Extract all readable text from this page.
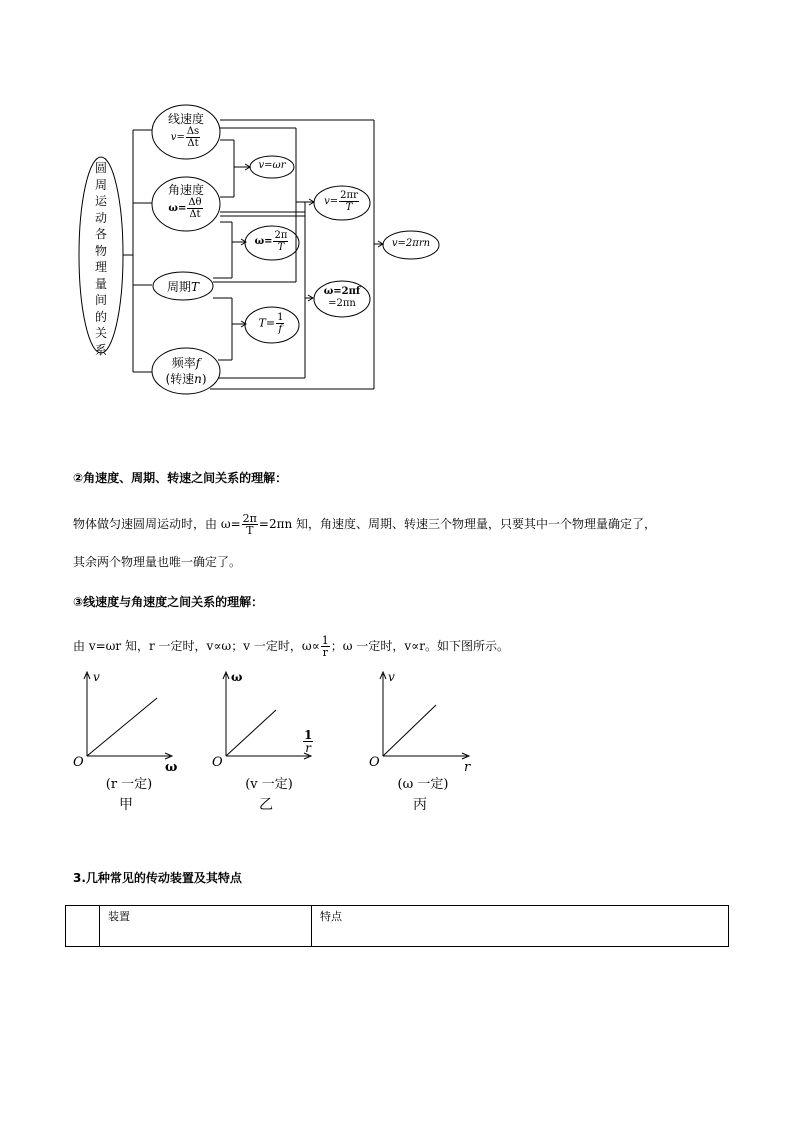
圆周运动各物理量间的关系
线速度
$v= \frac{\Delta s}{\Delta t}$
角速度
$\omega= \frac{\Delta\theta}{\Delta t}$
周期T
频率f
(转速n)
v=ωr
$\omega= \frac{2\pi}{T}$
$T= \frac{1}{f}$
$v= \frac{2\pi r}{T}$
ω=2πf
=2πn
v=2πrn
②角速度、周期、转速之间关系的理解：
物体做匀速圆周运动时，由 $\omega= \frac{2\pi}{T} =2\pi n$ 知，角速度、周期、转速三个物理量，只要其中一个物理量确定了，
其余两个物理量也唯一确定了。
③线速度与角速度之间关系的理解：
由 v=ωr 知，r 一定时，v∝ω；v 一定时，$\omega\propto \frac{1}{r}$ ；ω 一定时，v∝r。如下图所示。
v
O	ω
(r 一定)
甲
ω
O
$\frac{1}{r}$
(v 一定)
乙
v
O	r
(ω 一定)
丙
3.几种常见的传动装置及其特点
	装置	特点
